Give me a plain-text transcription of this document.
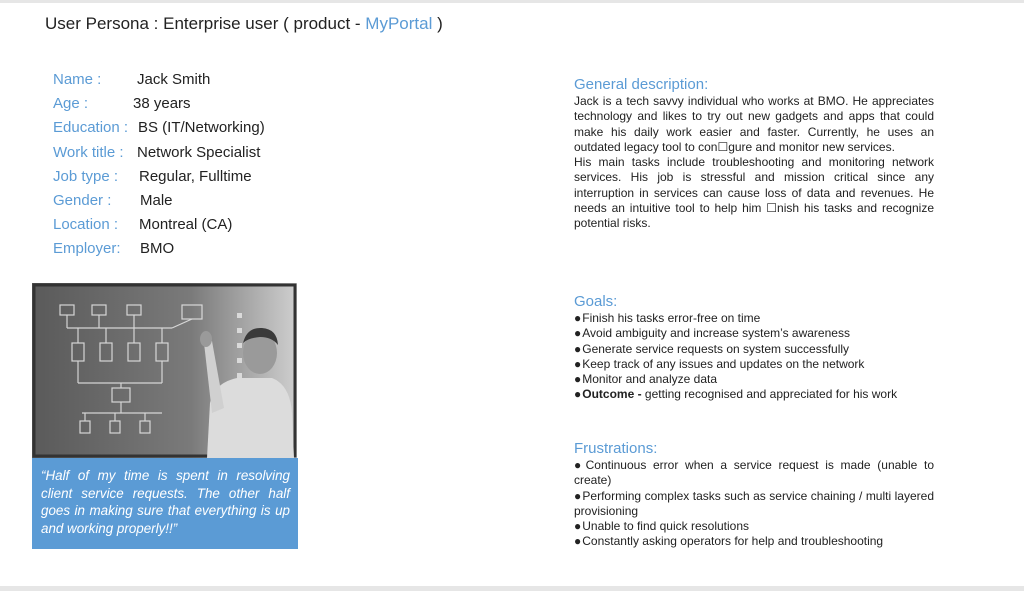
User Persona : Enterprise user ( product - MyPortal )
Name : Jack Smith
Age :	38 years
Education : BS (IT/Networking)
Work title : Network Specialist
Job type : Regular, Fulltime
Gender : Male
Location : Montreal (CA)
Employer: BMO
“Half of my time is spent in resolving client service requests. The other half goes in making sure that everything is up and working properly!!”
General description:

Jack is a tech savvy individual who works at BMO. He appreciates technology and likes to try out new gadgets and apps that could make his daily work easier and faster. Currently, he uses an outdated legacy tool to con☐gure and monitor new services.

His main tasks include troubleshooting and monitoring network services. His job is stressful and mission critical since any interruption in services can cause loss of data and revenues. He needs an intuitive tool to help him ☐nish his tasks and recognize potential risks.

Goals:
●Finish his tasks error-free on time
●Avoid ambiguity and increase system’s awareness
●Generate service requests on system successfully
●Keep track of any issues and updates on the network
●Monitor and analyze data
●Outcome - getting recognised and appreciated for his work
Frustrations:
●Continuous error when a service request is made (unable to create)
●Performing complex tasks such as service chaining / multi layered provisioning
●Unable to find quick resolutions
●Constantly asking operators for help and troubleshooting
